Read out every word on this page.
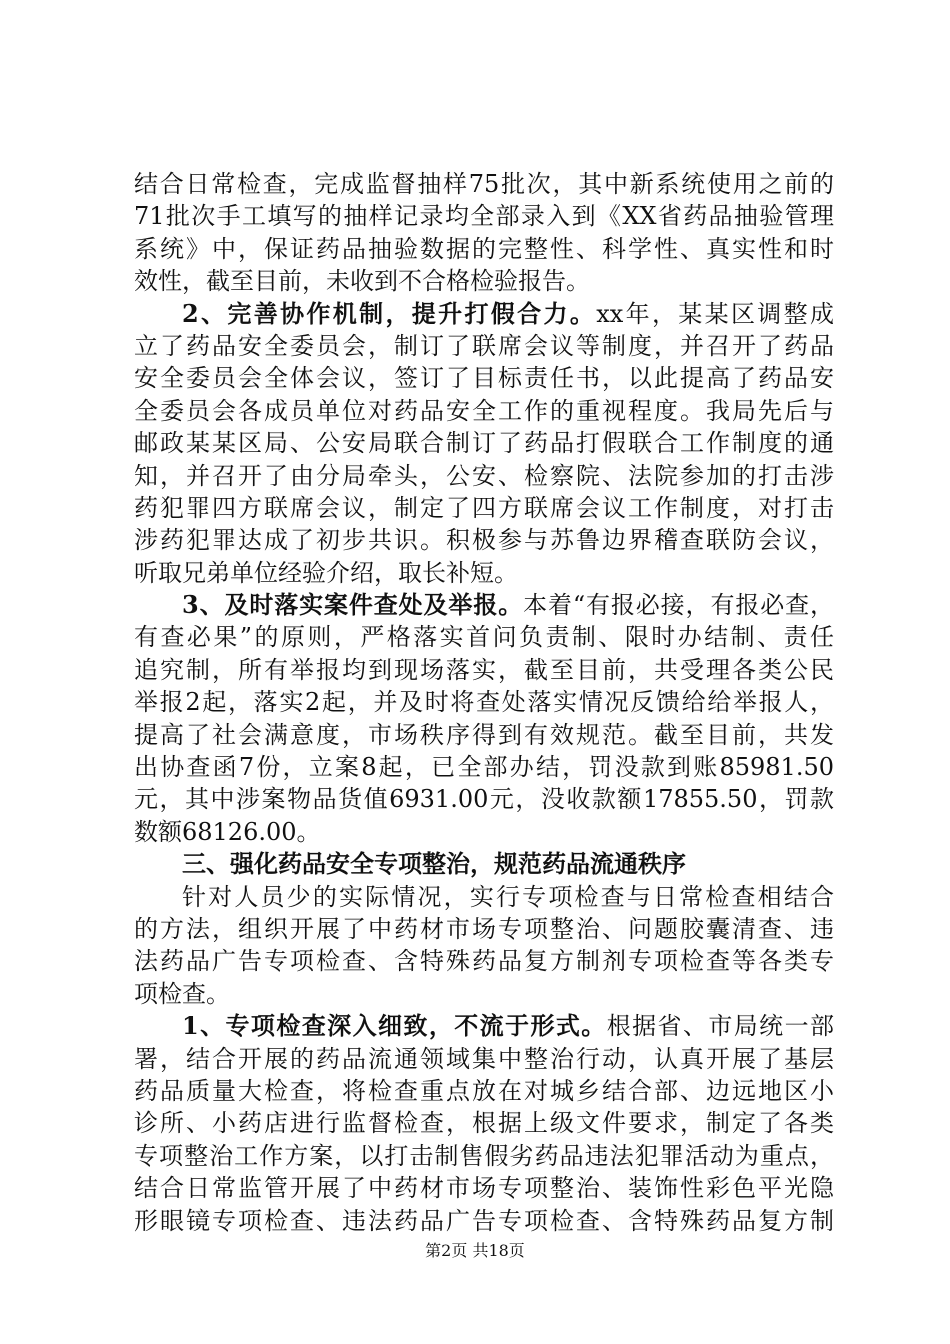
结合日常检查，完成监督抽样75批次，其中新系统使用之前的
71批次手工填写的抽样记录均全部录入到《XX省药品抽验管理
系统》中，保证药品抽验数据的完整性、科学性、真实性和时
效性，截至目前，未收到不合格检验报告。
2、完善协作机制，提升打假合力。xx年，某某区调整成
立了药品安全委员会，制订了联席会议等制度，并召开了药品
安全委员会全体会议，签订了目标责任书，以此提高了药品安
全委员会各成员单位对药品安全工作的重视程度。我局先后与
邮政某某区局、公安局联合制订了药品打假联合工作制度的通
知，并召开了由分局牵头，公安、检察院、法院参加的打击涉
药犯罪四方联席会议，制定了四方联席会议工作制度，对打击
涉药犯罪达成了初步共识。积极参与苏鲁边界稽查联防会议，
听取兄弟单位经验介绍，取长补短。
3、及时落实案件查处及举报。本着“有报必接，有报必查，
有查必果”的原则，严格落实首问负责制、限时办结制、责任
追究制，所有举报均到现场落实，截至目前，共受理各类公民
举报2起，落实2起，并及时将查处落实情况反馈给给举报人，
提高了社会满意度，市场秩序得到有效规范。截至目前，共发
出协查函7份，立案8起，已全部办结，罚没款到账85981.50
元，其中涉案物品货值6931.00元，没收款额17855.50，罚款
数额68126.00。
三、强化药品安全专项整治，规范药品流通秩序
针对人员少的实际情况，实行专项检查与日常检查相结合
的方法，组织开展了中药材市场专项整治、问题胶囊清查、违
法药品广告专项检查、含特殊药品复方制剂专项检查等各类专
项检查。
1、专项检查深入细致，不流于形式。根据省、市局统一部
署，结合开展的药品流通领域集中整治行动，认真开展了基层
药品质量大检查，将检查重点放在对城乡结合部、边远地区小
诊所、小药店进行监督检查，根据上级文件要求，制定了各类
专项整治工作方案，以打击制售假劣药品违法犯罪活动为重点，
结合日常监管开展了中药材市场专项整治、装饰性彩色平光隐
形眼镜专项检查、违法药品广告专项检查、含特殊药品复方制
第2页 共18页
